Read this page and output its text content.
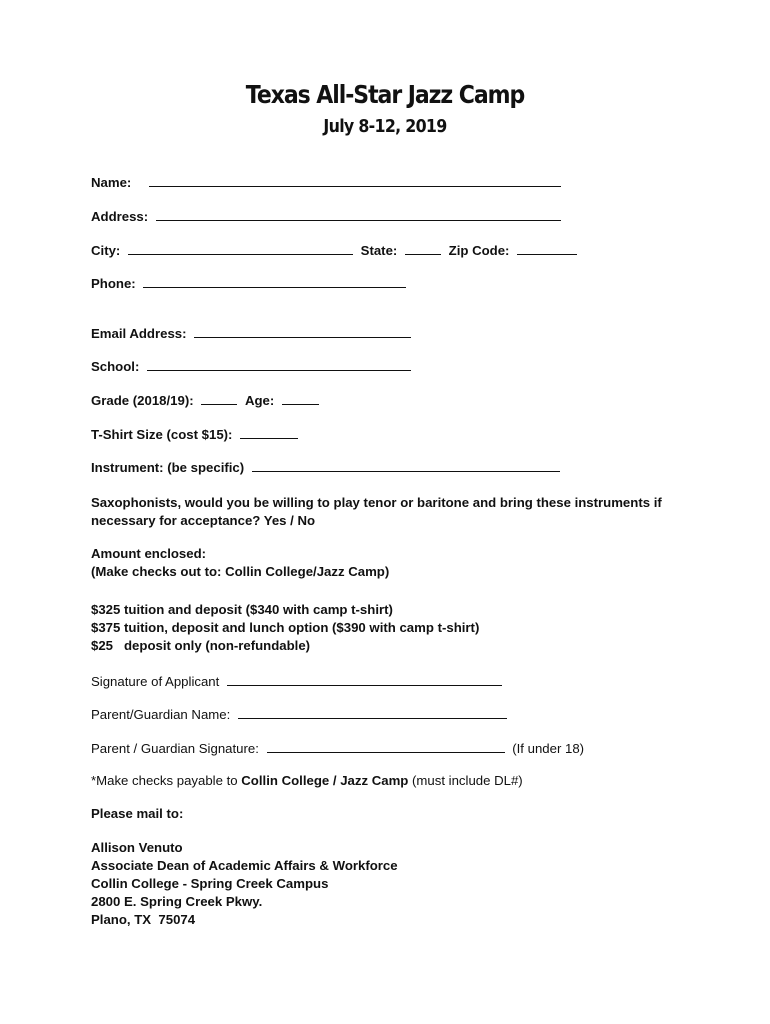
Texas All-Star Jazz Camp
July 8-12, 2019
Name:
Address:
City:	State:	Zip Code:
Phone:
Email Address:
School:
Grade (2018/19):	Age:
T-Shirt Size (cost $15):
Instrument: (be specific)
Saxophonists, would you be willing to play tenor or baritone and bring these instruments if
necessary for acceptance? Yes / No
Amount enclosed:
(Make checks out to: Collin College/Jazz Camp)
$325 tuition and deposit ($340 with camp t-shirt)
$375 tuition, deposit and lunch option ($390 with camp t-shirt)
$25   deposit only (non-refundable)
Signature of Applicant
Parent/Guardian Name:
Parent / Guardian Signature:	(If under 18)
*Make checks payable to Collin College / Jazz Camp (must include DL#)
Please mail to:
Allison Venuto
Associate Dean of Academic Affairs & Workforce
Collin College - Spring Creek Campus
2800 E. Spring Creek Pkwy.
Plano, TX  75074
